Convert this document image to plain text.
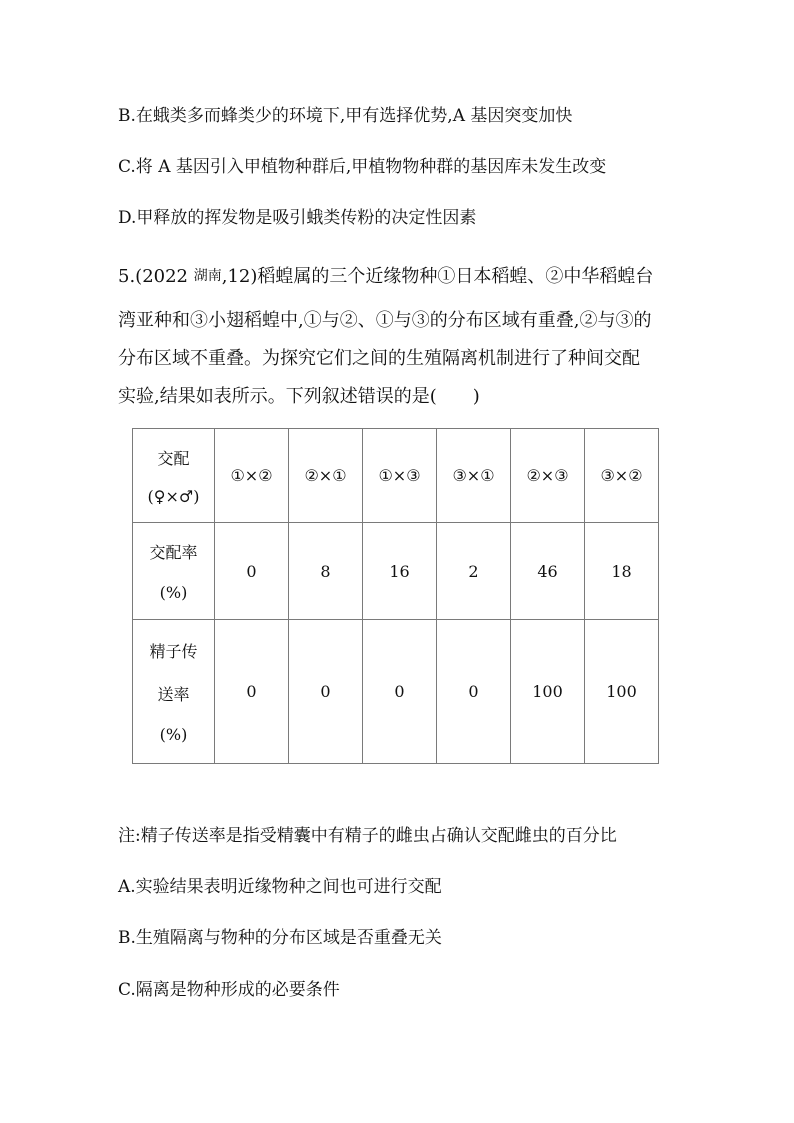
B.在蛾类多而蜂类少的环境下,甲有选择优势,A 基因突变加快
C.将 A 基因引入甲植物种群后,甲植物物种群的基因库未发生改变
D.甲释放的挥发物是吸引蛾类传粉的决定性因素
5.(2022 湖南,12)稻蝗属的三个近缘物种①日本稻蝗、②中华稻蝗台
湾亚种和③小翅稻蝗中,①与②、①与③的分布区域有重叠,②与③的
分布区域不重叠。为探究它们之间的生殖隔离机制进行了种间交配
实验,结果如表所示。下列叙述错误的是(　　)
交配
(♀×♂)	①×②	②×①	①×③	③×①	②×③	③×②

交配率
(%)	0	8	16	2	46	18

精子传
送率
(%)	0	0	0	0	100	100
注:精子传送率是指受精囊中有精子的雌虫占确认交配雌虫的百分比
A.实验结果表明近缘物种之间也可进行交配
B.生殖隔离与物种的分布区域是否重叠无关
C.隔离是物种形成的必要条件
